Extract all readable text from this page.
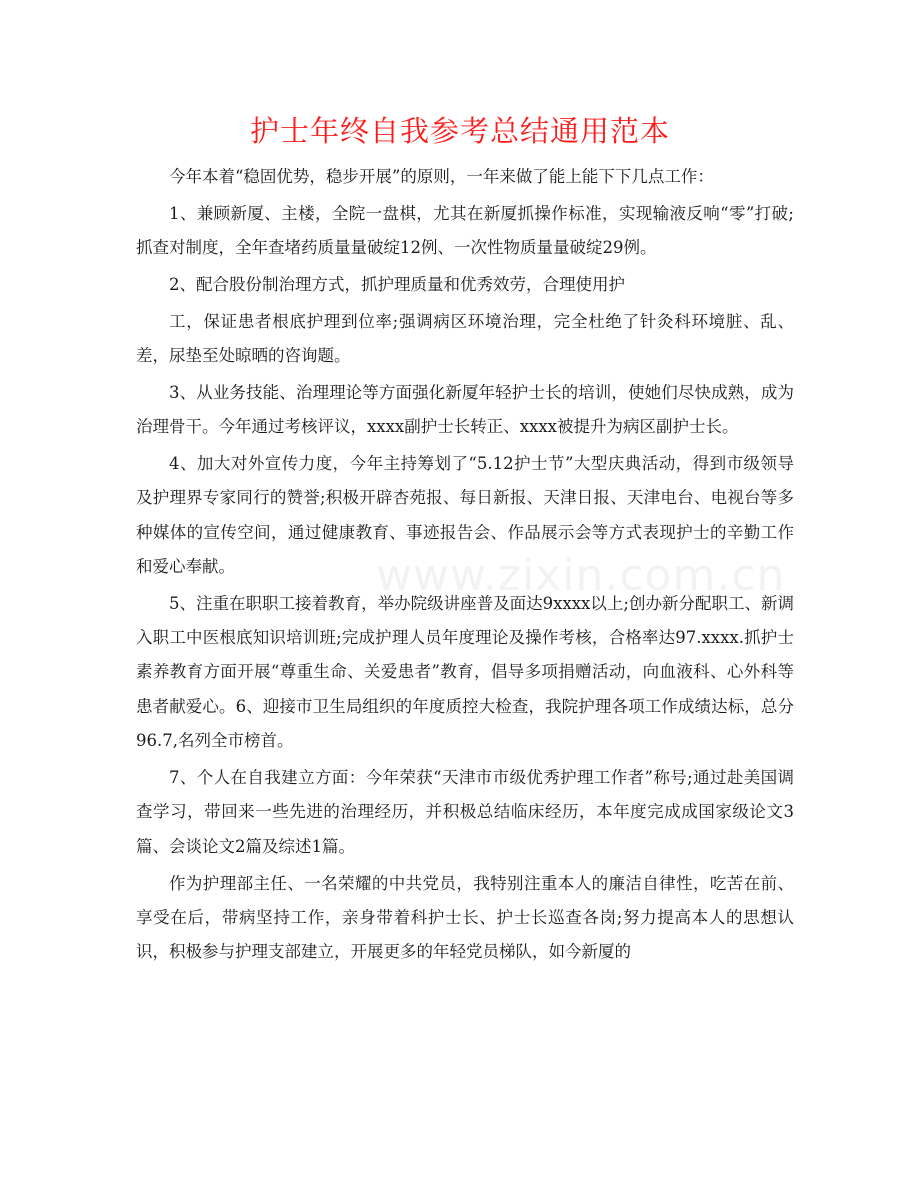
护士年终自我参考总结通用范本
www.zixin.com.cn

今年本着“稳固优势，稳步开展”的原则，一年来做了能上能下下几点工作：

1、兼顾新厦、主楼，全院一盘棋，尤其在新厦抓操作标准，实现输液反响“零”打破;抓查对制度，全年查堵药质量量破绽12例、一次性物质量量破绽29例。

2、配合股份制治理方式，抓护理质量和优秀效劳，合理使用护

工，保证患者根底护理到位率;强调病区环境治理，完全杜绝了针灸科环境脏、乱、差，尿垫至处晾晒的咨询题。

3、从业务技能、治理理论等方面强化新厦年轻护士长的培训，使她们尽快成熟，成为治理骨干。今年通过考核评议，xxxx副护士长转正、xxxx被提升为病区副护士长。

4、加大对外宣传力度，今年主持筹划了“5.12护士节”大型庆典活动，得到市级领导及护理界专家同行的赞誉;积极开辟杏苑报、每日新报、天津日报、天津电台、电视台等多种媒体的宣传空间，通过健康教育、事迹报告会、作品展示会等方式表现护士的辛勤工作和爱心奉献。

5、注重在职职工接着教育，举办院级讲座普及面达9xxxx以上;创办新分配职工、新调入职工中医根底知识培训班;完成护理人员年度理论及操作考核，合格率达97.xxxx.抓护士素养教育方面开展“尊重生命、关爱患者”教育，倡导多项捐赠活动，向血液科、心外科等患者献爱心。6、迎接市卫生局组织的年度质控大检查，我院护理各项工作成绩达标，总分96.7,名列全市榜首。

7、个人在自我建立方面：今年荣获“天津市市级优秀护理工作者”称号;通过赴美国调查学习，带回来一些先进的治理经历，并积极总结临床经历，本年度完成成国家级论文3篇、会谈论文2篇及综述1篇。

作为护理部主任、一名荣耀的中共党员，我特别注重本人的廉洁自律性，吃苦在前、享受在后，带病坚持工作，亲身带着科护士长、护士长巡查各岗;努力提高本人的思想认识，积极参与护理支部建立，开展更多的年轻党员梯队，如今新厦的
